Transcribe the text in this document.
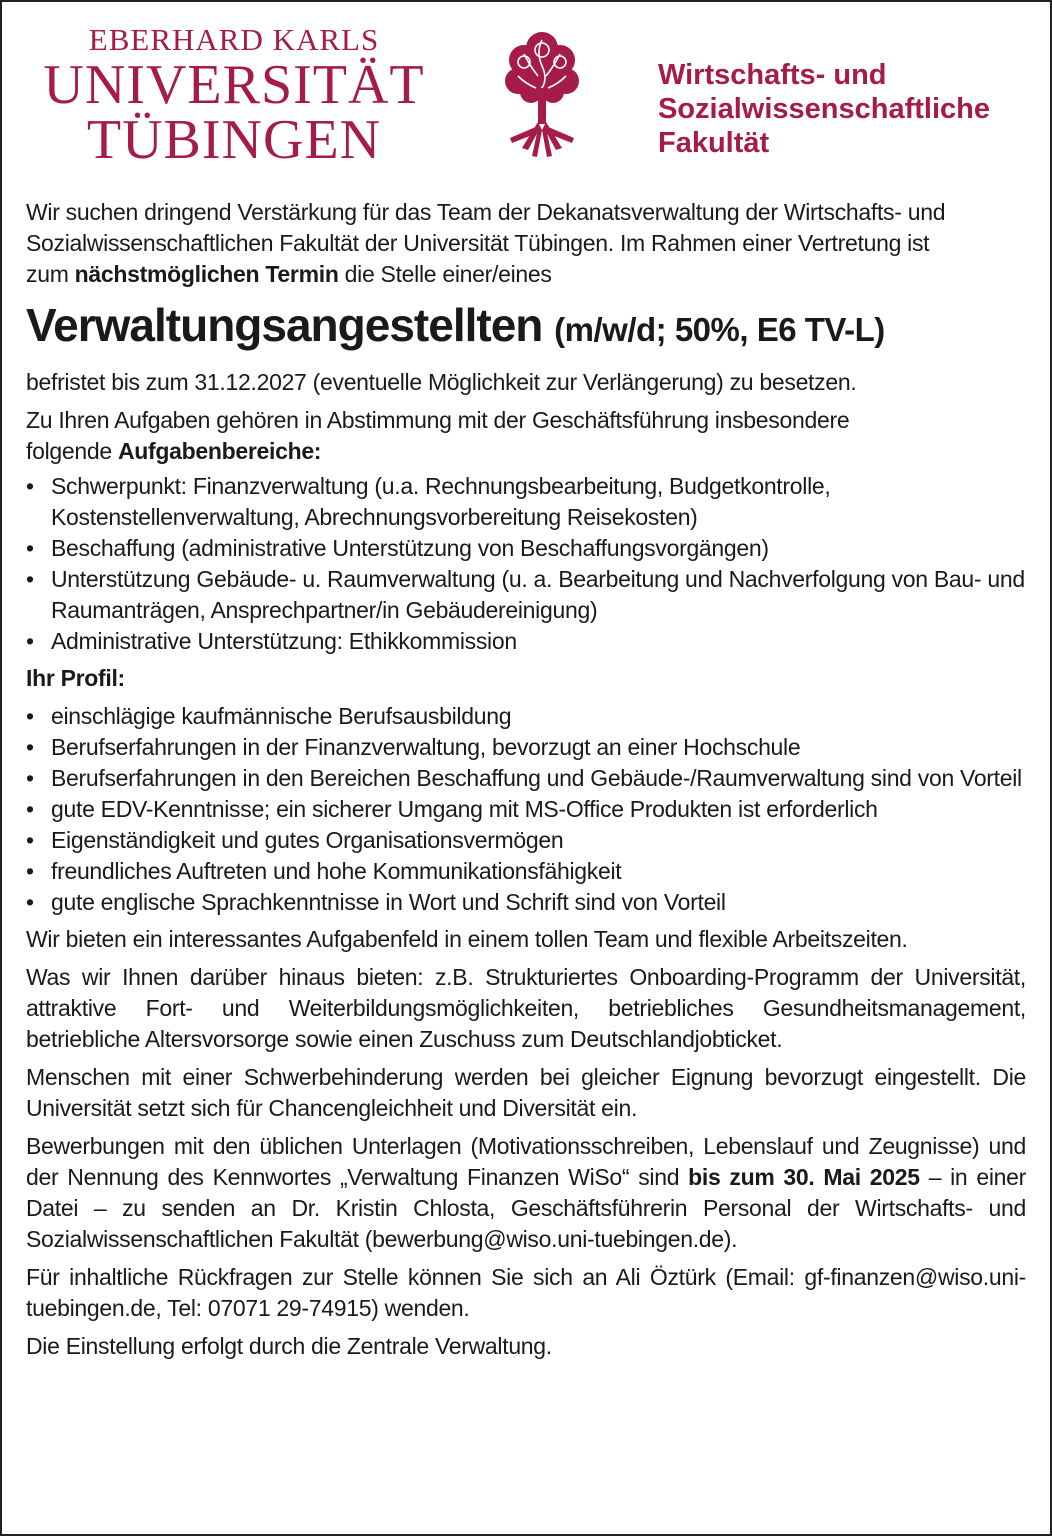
EBERHARD KARLS
UNIVERSITÄT
TÜBINGEN
Wirtschafts- und
Sozialwissenschaftliche
Fakultät

Wir suchen dringend Verstärkung für das Team der Dekanatsverwaltung der Wirtschafts- und
Sozialwissenschaftlichen Fakultät der Universität Tübingen. Im Rahmen einer Vertretung ist
zum nächstmöglichen Termin die Stelle einer/eines

Verwaltungsangestellten (m/w/d; 50%, E6 TV-L)

befristet bis zum 31.12.2027 (eventuelle Möglichkeit zur Verlängerung) zu besetzen.

Zu Ihren Aufgaben gehören in Abstimmung mit der Geschäftsführung insbesondere
folgende Aufgabenbereiche:

• Schwerpunkt: Finanzverwaltung (u.a. Rechnungsbearbeitung, Budgetkontrolle, Kostenstellenverwaltung, Abrechnungsvorbereitung Reisekosten)
• Beschaffung (administrative Unterstützung von Beschaffungsvorgängen)
• Unterstützung Gebäude- u. Raumverwaltung (u. a. Bearbeitung und Nachverfolgung von Bau- und Raumanträgen, Ansprechpartner/in Gebäudereinigung)
• Administrative Unterstützung: Ethikkommission

Ihr Profil:

• einschlägige kaufmännische Berufsausbildung
• Berufserfahrungen in der Finanzverwaltung, bevorzugt an einer Hochschule
• Berufserfahrungen in den Bereichen Beschaffung und Gebäude-/Raumverwaltung sind von Vorteil
• gute EDV-Kenntnisse; ein sicherer Umgang mit MS-Office Produkten ist erforderlich
• Eigenständigkeit und gutes Organisationsvermögen
• freundliches Auftreten und hohe Kommunikationsfähigkeit
• gute englische Sprachkenntnisse in Wort und Schrift sind von Vorteil

Wir bieten ein interessantes Aufgabenfeld in einem tollen Team und flexible Arbeitszeiten.

Was wir Ihnen darüber hinaus bieten: z.B. Strukturiertes Onboarding-Programm der Universität, attraktive Fort- und Weiterbildungsmöglichkeiten, betriebliches Gesundheitsmanagement, betriebliche Altersvorsorge sowie einen Zuschuss zum Deutschlandjobticket.

Menschen mit einer Schwerbehinderung werden bei gleicher Eignung bevorzugt eingestellt. Die Universität setzt sich für Chancengleichheit und Diversität ein.

Bewerbungen mit den üblichen Unterlagen (Motivationsschreiben, Lebenslauf und Zeugnisse) und der Nennung des Kennwortes „Verwaltung Finanzen WiSo“ sind bis zum 30. Mai 2025 – in einer Datei – zu senden an Dr. Kristin Chlosta, Geschäftsführerin Personal der Wirtschafts- und Sozialwissenschaftlichen Fakultät (bewerbung@wiso.uni-tuebingen.de).

Für inhaltliche Rückfragen zur Stelle können Sie sich an Ali Öztürk (Email: gf-finanzen@wiso.uni-tuebingen.de, Tel: 07071 29-74915) wenden.

Die Einstellung erfolgt durch die Zentrale Verwaltung.
